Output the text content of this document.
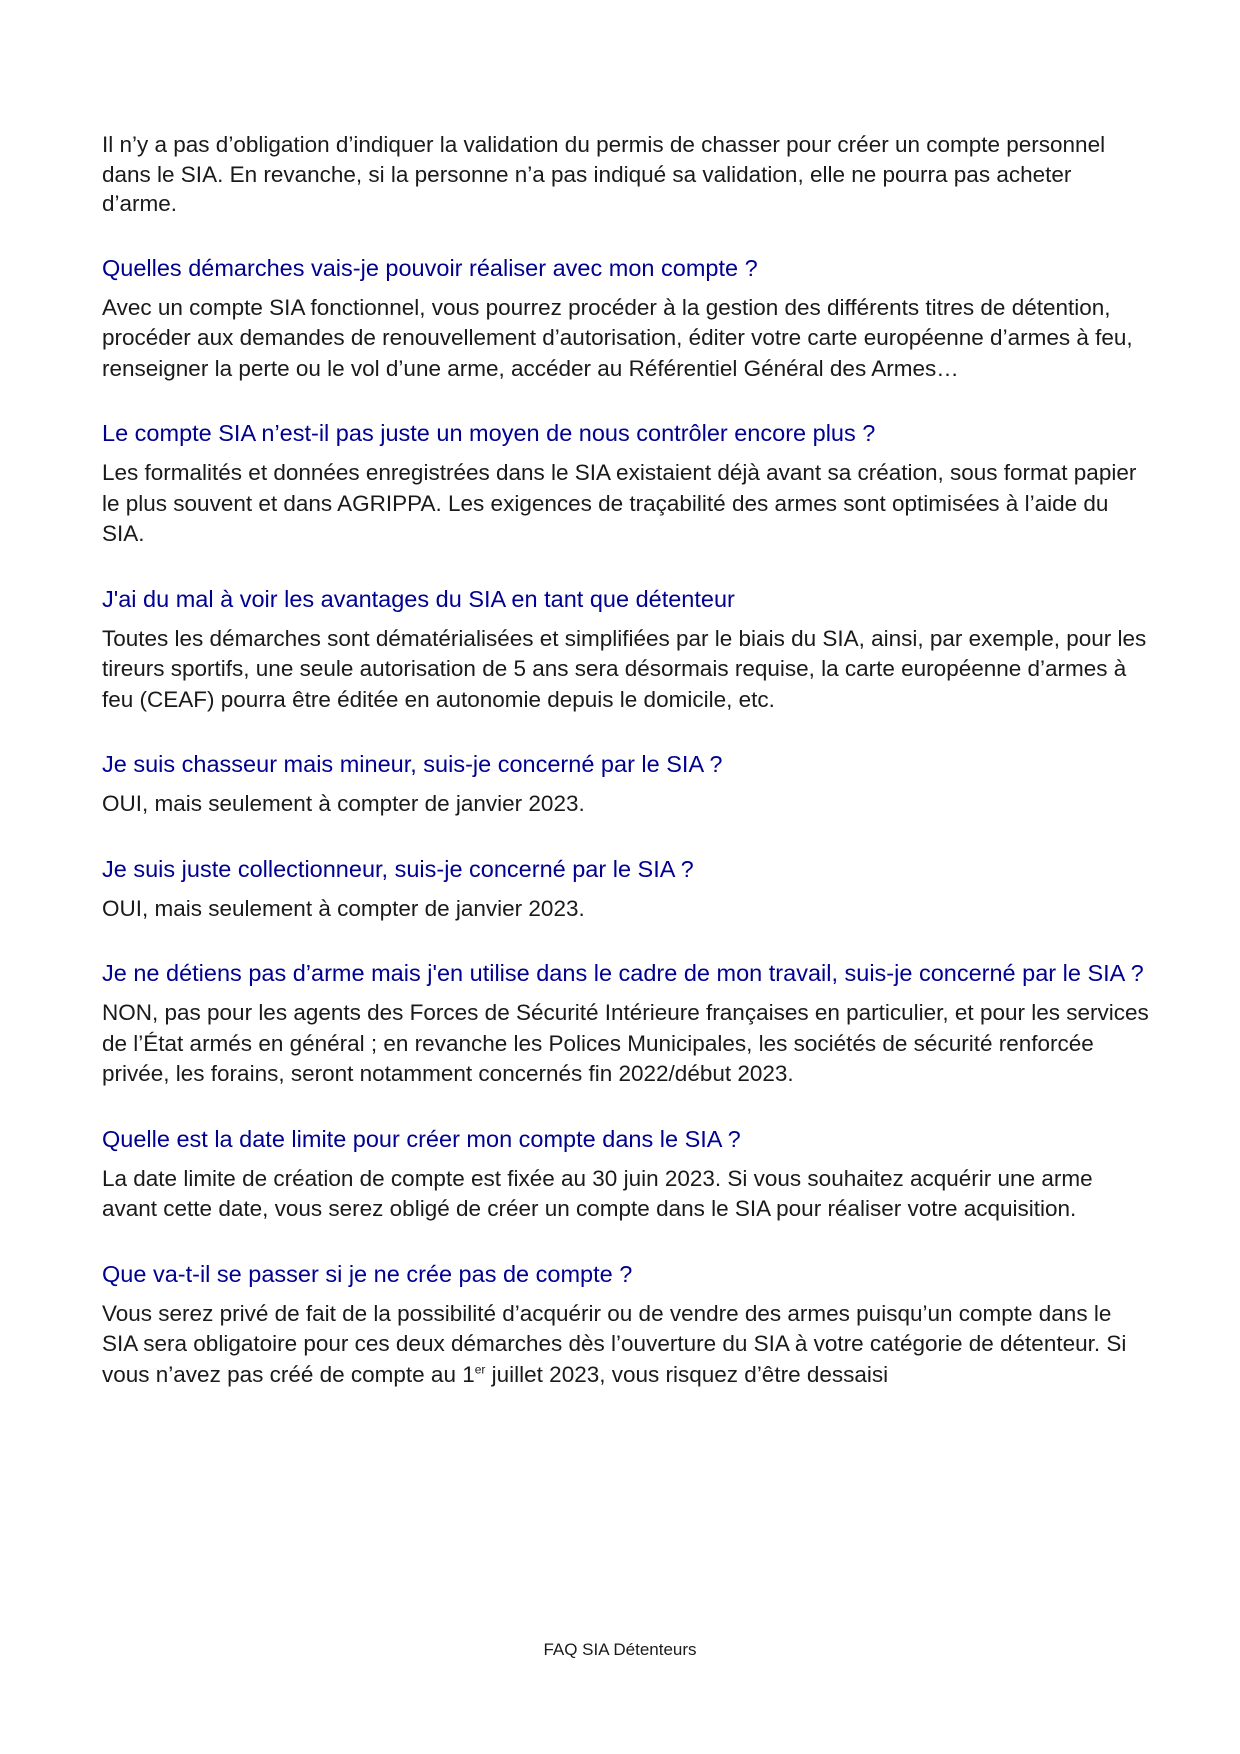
Il n’y a pas d’obligation d’indiquer la validation du permis de chasser pour créer un compte personnel dans le SIA. En revanche, si la personne n’a pas indiqué sa validation, elle ne pourra pas acheter d’arme.

Quelles démarches vais-je pouvoir réaliser avec mon compte ?

Avec un compte SIA fonctionnel, vous pourrez procéder à la gestion des différents titres de détention, procéder aux demandes de renouvellement d’autorisation, éditer votre carte européenne d’armes à feu, renseigner la perte ou le vol d’une arme, accéder au Référentiel Général des Armes…

Le compte SIA n’est-il pas juste un moyen de nous contrôler encore plus ?

Les formalités et données enregistrées dans le SIA existaient déjà avant sa création, sous format papier le plus souvent et dans AGRIPPA. Les exigences de traçabilité des armes sont optimisées à l’aide du SIA.

J'ai du mal à voir les avantages du SIA en tant que détenteur

Toutes les démarches sont dématérialisées et simplifiées par le biais du SIA, ainsi, par exemple, pour les tireurs sportifs, une seule autorisation de 5 ans sera désormais requise, la carte européenne d’armes à feu (CEAF) pourra être éditée en autonomie depuis le domicile, etc.

Je suis chasseur mais mineur, suis-je concerné par le SIA ?

OUI, mais seulement à compter de janvier 2023.

Je suis juste collectionneur, suis-je concerné par le SIA ?

OUI, mais seulement à compter de janvier 2023.

Je ne détiens pas d’arme mais j'en utilise dans le cadre de mon travail, suis-je concerné par le SIA ?

NON, pas pour les agents des Forces de Sécurité Intérieure françaises en particulier, et pour les services de l’État armés en général ; en revanche les Polices Municipales, les sociétés de sécurité renforcée privée, les forains, seront notamment concernés fin 2022/début 2023.

Quelle est la date limite pour créer mon compte dans le SIA ?

La date limite de création de compte est fixée au 30 juin 2023. Si vous souhaitez acquérir une arme avant cette date, vous serez obligé de créer un compte dans le SIA pour réaliser votre acquisition.

Que va-t-il se passer si je ne crée pas de compte ?

Vous serez privé de fait de la possibilité d’acquérir ou de vendre des armes puisqu’un compte dans le SIA sera obligatoire pour ces deux démarches dès l’ouverture du SIA à votre catégorie de détenteur. Si vous n’avez pas créé de compte au 1er juillet 2023, vous risquez d’être dessaisi

FAQ SIA Détenteurs
